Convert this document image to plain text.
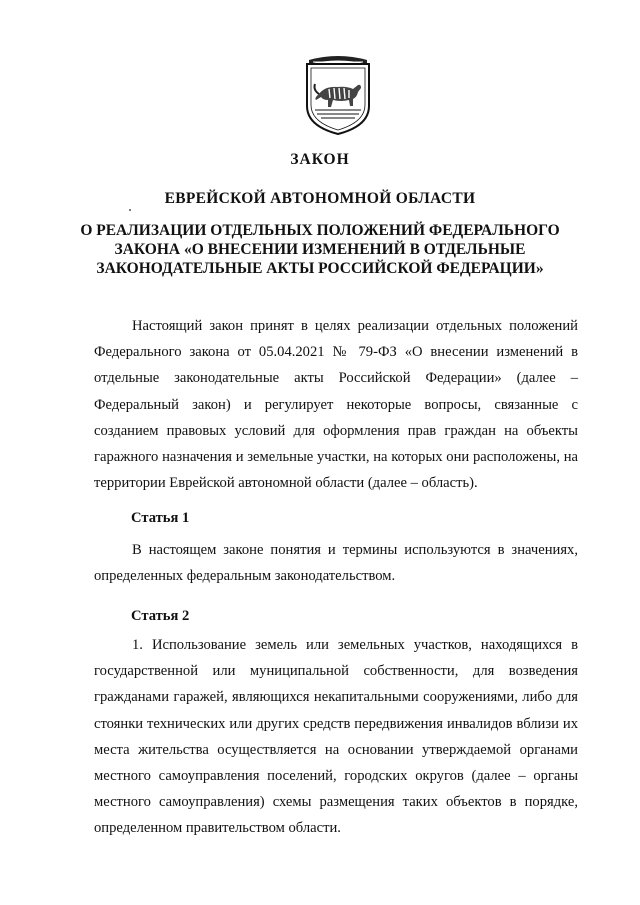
ЗАКОН
ЕВРЕЙСКОЙ АВТОНОМНОЙ ОБЛАСТИ
О РЕАЛИЗАЦИИ ОТДЕЛЬНЫХ ПОЛОЖЕНИЙ ФЕДЕРАЛЬНОГО
ЗАКОНА «О ВНЕСЕНИИ ИЗМЕНЕНИЙ В ОТДЕЛЬНЫЕ
ЗАКОНОДАТЕЛЬНЫЕ АКТЫ РОССИЙСКОЙ ФЕДЕРАЦИИ»

Настоящий закон принят в целях реализации отдельных положений Федерального закона от 05.04.2021 № 79-ФЗ «О внесении изменений в отдельные законодательные акты Российской Федерации» (далее – Федеральный закон) и регулирует некоторые вопросы, связанные с созданием правовых условий для оформления прав граждан на объекты гаражного назначения и земельные участки, на которых они расположены, на территории Еврейской автономной области (далее – область).

Статья 1

В настоящем законе понятия и термины используются в значениях, определенных федеральным законодательством.

Статья 2

1. Использование земель или земельных участков, находящихся в государственной или муниципальной собственности, для возведения гражданами гаражей, являющихся некапитальными сооружениями, либо для стоянки технических или других средств передвижения инвалидов вблизи их места жительства осуществляется на основании утверждаемой органами местного самоуправления поселений, городских округов (далее – органы местного самоуправления) схемы размещения таких объектов в порядке, определенном правительством области.
